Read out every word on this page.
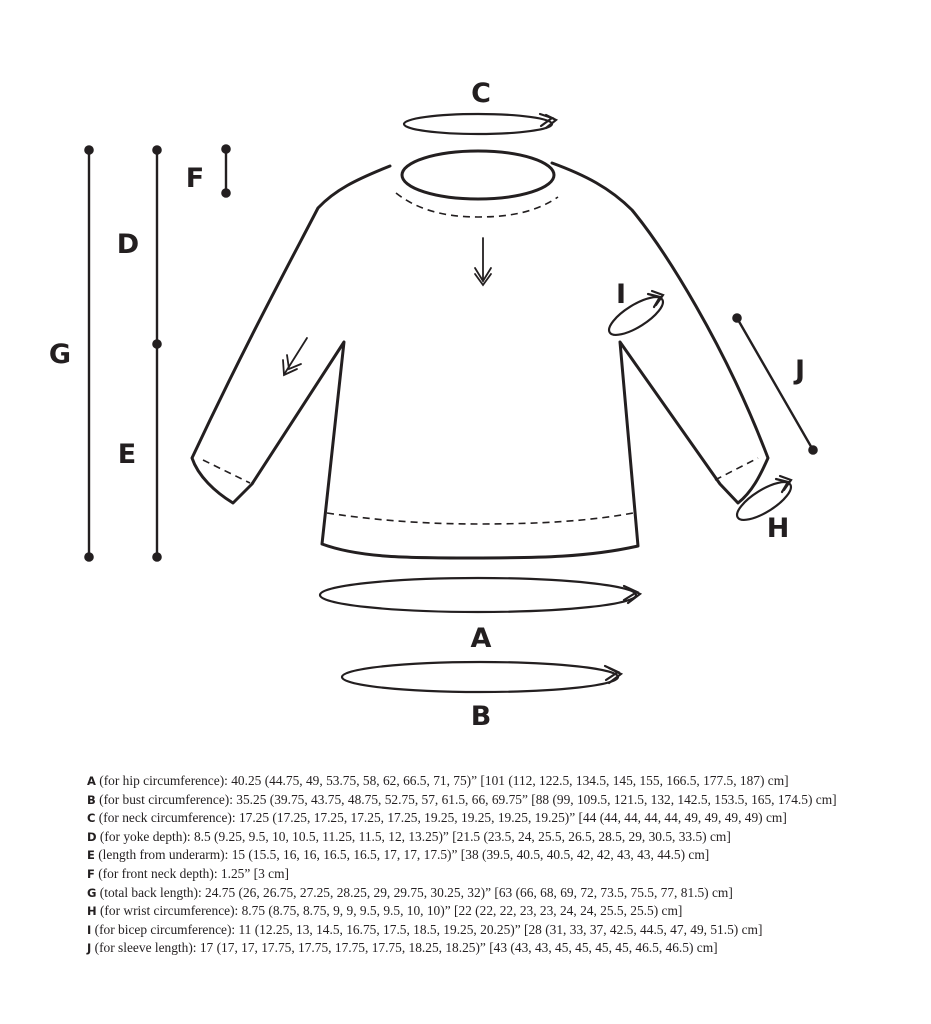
C
F
D
G
E
I
J
H
A
B

A (for hip circumference): 40.25 (44.75, 49, 53.75, 58, 62, 66.5, 71, 75)” [101 (112, 122.5, 134.5, 145, 155, 166.5, 177.5, 187) cm]

B (for bust circumference): 35.25 (39.75, 43.75, 48.75, 52.75, 57, 61.5, 66, 69.75” [88 (99, 109.5, 121.5, 132, 142.5, 153.5, 165, 174.5) cm]

C (for neck circumference): 17.25 (17.25, 17.25, 17.25, 17.25, 19.25, 19.25, 19.25, 19.25)” [44 (44, 44, 44, 44, 49, 49, 49, 49) cm]

D (for yoke depth): 8.5 (9.25, 9.5, 10, 10.5, 11.25, 11.5, 12, 13.25)” [21.5 (23.5, 24, 25.5, 26.5, 28.5, 29, 30.5, 33.5) cm]

E (length from underarm): 15 (15.5, 16, 16, 16.5, 16.5, 17, 17, 17.5)” [38 (39.5, 40.5, 40.5, 42, 42, 43, 43, 44.5) cm]

F (for front neck depth): 1.25” [3 cm]

G (total back length): 24.75 (26, 26.75, 27.25, 28.25, 29, 29.75, 30.25, 32)” [63 (66, 68, 69, 72, 73.5, 75.5, 77, 81.5) cm]

H (for wrist circumference): 8.75 (8.75, 8.75, 9, 9, 9.5, 9.5, 10, 10)” [22 (22, 22, 23, 23, 24, 24, 25.5, 25.5) cm]

I (for bicep circumference): 11 (12.25, 13, 14.5, 16.75, 17.5, 18.5, 19.25, 20.25)” [28 (31, 33, 37, 42.5, 44.5, 47, 49, 51.5) cm]

J (for sleeve length): 17 (17, 17, 17.75, 17.75, 17.75, 17.75, 18.25, 18.25)” [43 (43, 43, 45, 45, 45, 45, 46.5, 46.5) cm]
